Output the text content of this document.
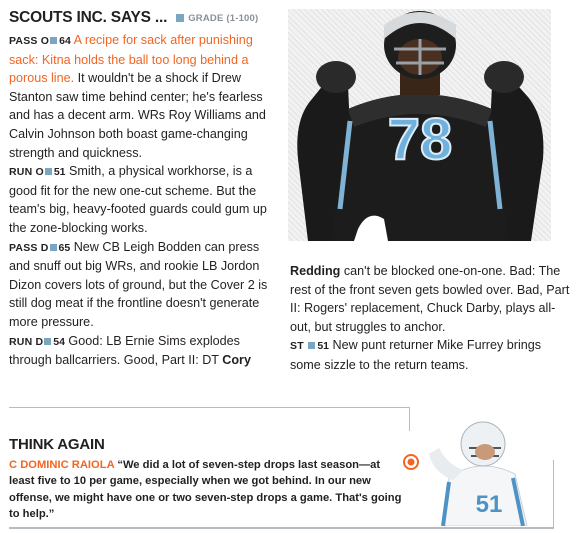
SCOUTS INC. SAYS ... GRADE (1-100)
PASS O 64 A recipe for sack after punishing sack: Kitna holds the ball too long behind a porous line. It wouldn't be a shock if Drew Stanton saw time behind center; he's fearless and has a decent arm. WRs Roy Williams and Calvin Johnson both boast game-changing strength and quickness.
RUN O 51 Smith, a physical workhorse, is a good fit for the new one-cut scheme. But the team's big, heavy-footed guards could gum up the zone-blocking works.
PASS D 65 New CB Leigh Bodden can press and snuff out big WRs, and rookie LB Jordon Dizon covers lots of ground, but the Cover 2 is still dog meat if the frontline doesn't generate more pressure.
RUN D 54 Good: LB Ernie Sims explodes through ballcarriers. Good, Part II: DT Cory
78
Redding can't be blocked one-on-one. Bad: The rest of the front seven gets bowled over. Bad, Part II: Rogers' replacement, Chuck Darby, plays all-out, but struggles to anchor.
ST 51 New punt returner Mike Furrey brings some sizzle to the return teams.
THINK AGAIN
C DOMINIC RAIOLA “We did a lot of seven-step drops last season—at least five to 10 per game, especially when we got behind. In our new offense, we might have one or two seven-step drops a game. That's going to help.”	51
